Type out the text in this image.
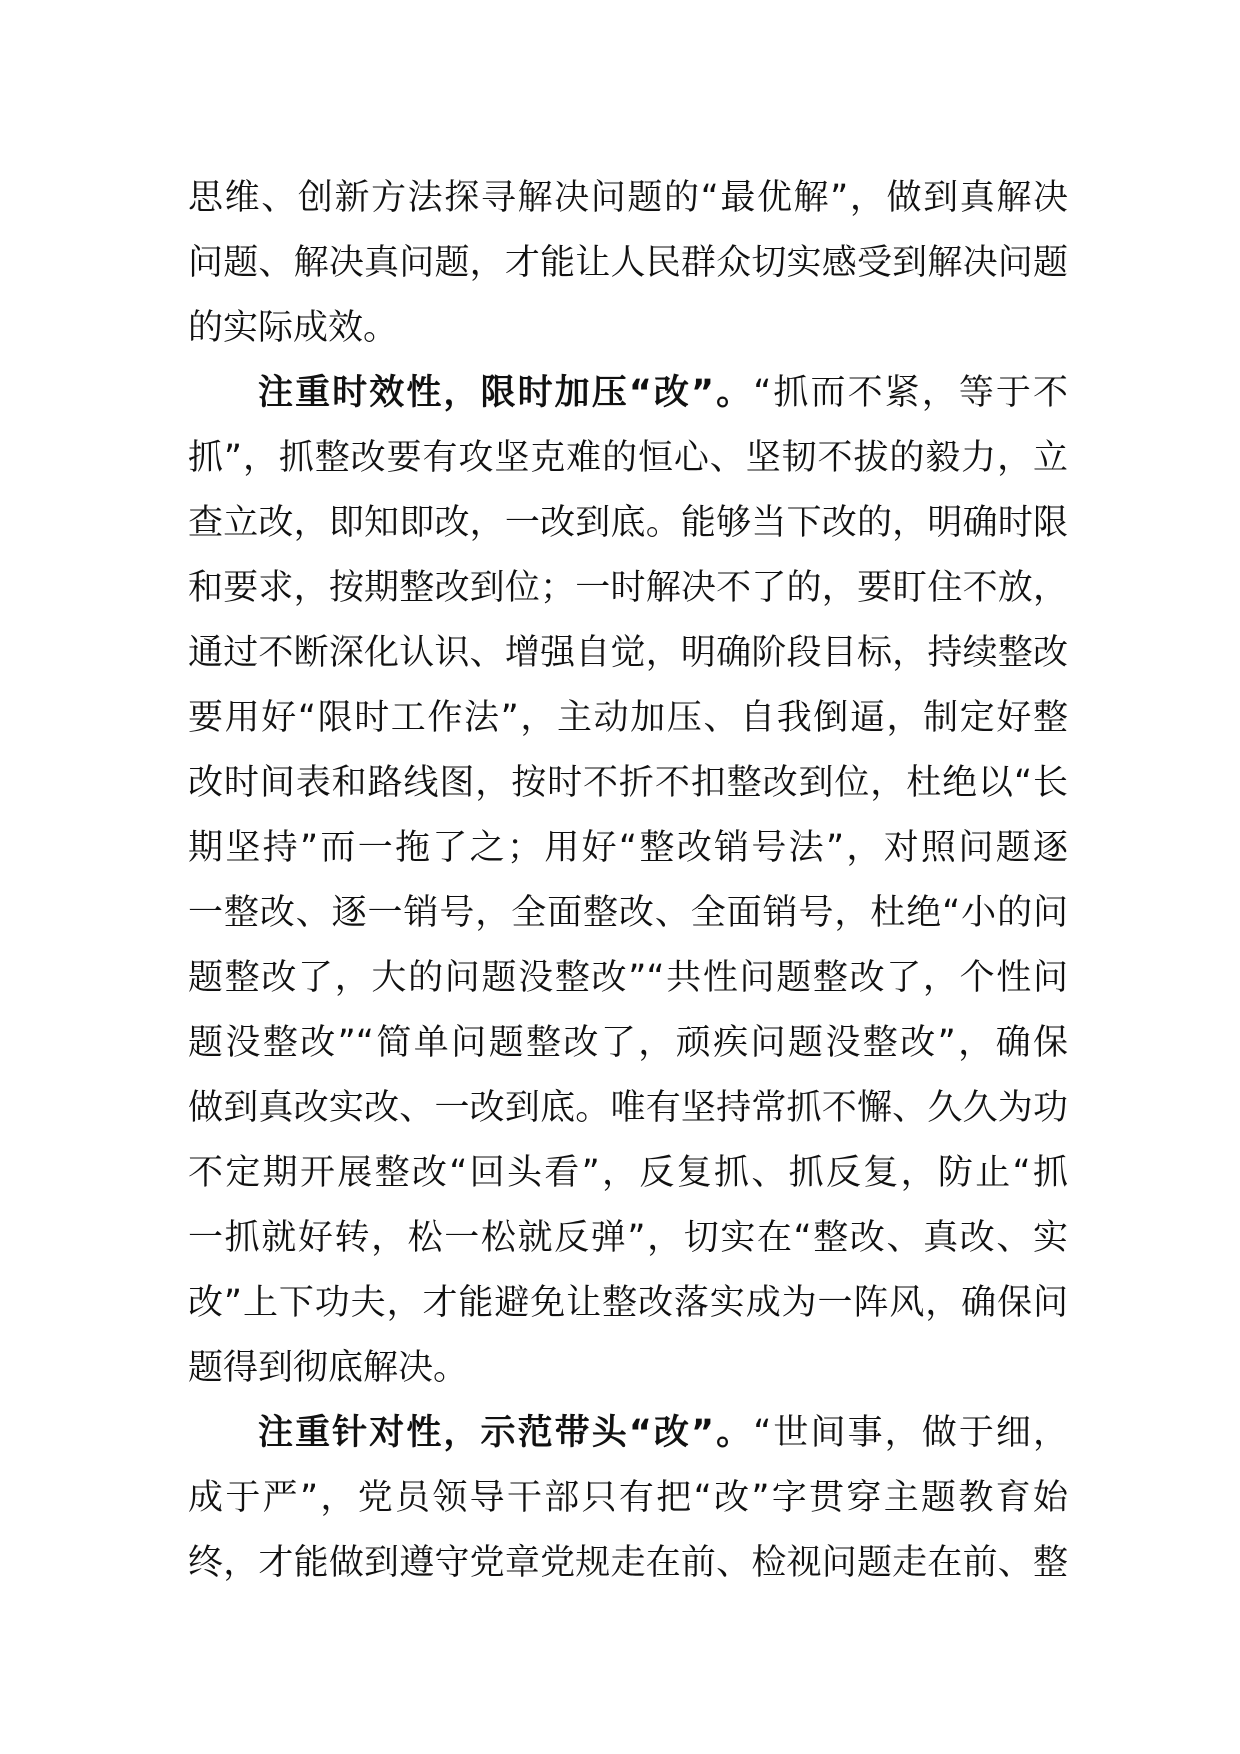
思维、创新方法探寻解决问题的“最优解”，做到真解决
问题、解决真问题，才能让人民群众切实感受到解决问题
的实际成效。
注重时效性，限时加压“改”。“抓而不紧，等于不
抓”，抓整改要有攻坚克难的恒心、坚韧不拔的毅力，立
查立改，即知即改，一改到底。能够当下改的，明确时限
和要求，按期整改到位；一时解决不了的，要盯住不放，
通过不断深化认识、增强自觉，明确阶段目标，持续整改
要用好“限时工作法”，主动加压、自我倒逼，制定好整
改时间表和路线图，按时不折不扣整改到位，杜绝以“长
期坚持”而一拖了之；用好“整改销号法”，对照问题逐
一整改、逐一销号，全面整改、全面销号，杜绝“小的问
题整改了，大的问题没整改”“共性问题整改了，个性问
题没整改”“简单问题整改了，顽疾问题没整改”，确保
做到真改实改、一改到底。唯有坚持常抓不懈、久久为功
不定期开展整改“回头看”，反复抓、抓反复，防止“抓
一抓就好转，松一松就反弹”，切实在“整改、真改、实
改”上下功夫，才能避免让整改落实成为一阵风，确保问
题得到彻底解决。
注重针对性，示范带头“改”。“世间事，做于细，
成于严”，党员领导干部只有把“改”字贯穿主题教育始
终，才能做到遵守党章党规走在前、检视问题走在前、整
